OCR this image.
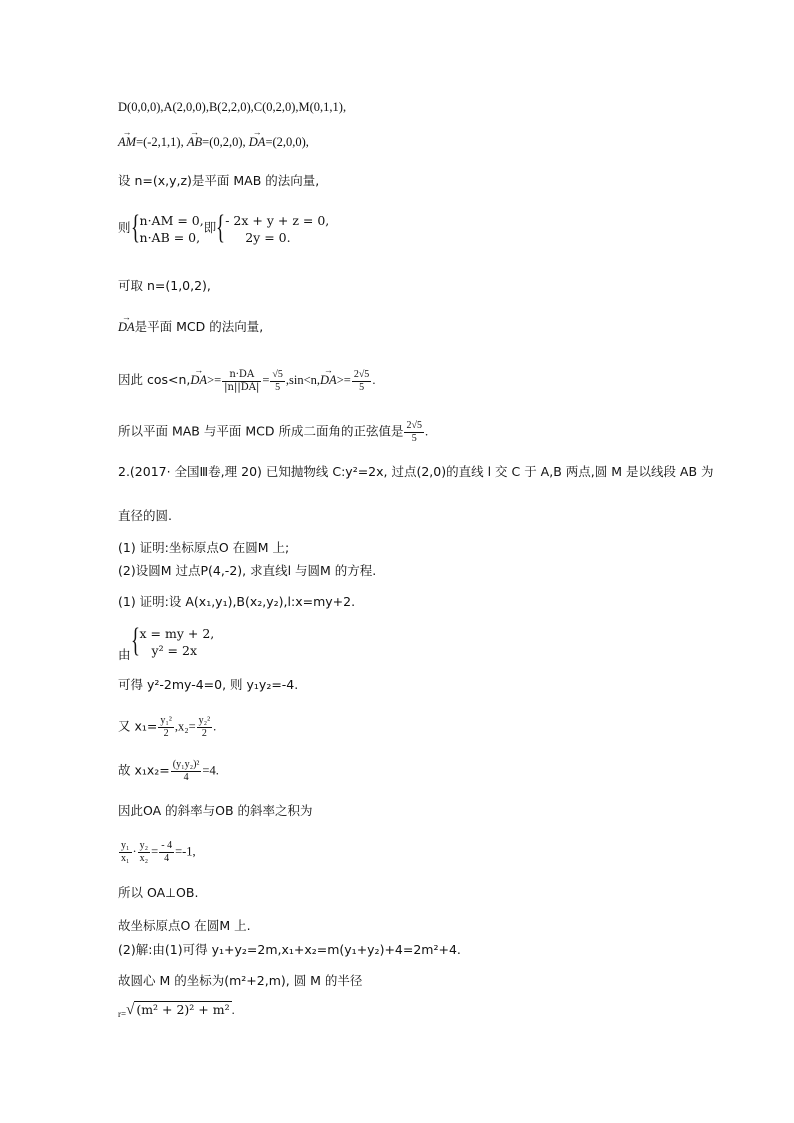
D(0,0,0),A(2,0,0),B(2,2,0),C(0,2,0),M(0,1,1),
→ AM=(-2,1,1), → AB=(0,2,0), → DA=(2,0,0),
设 n=(x,y,z)是平面 MAB 的法向量,
则 { n·AM = 0,
n·AB = 0,
即 { - 2x + y + z = 0,
2y = 0.
可取 n=(1,0,2),
→ DA是平面 MCD 的法向量,
因此 $\cos<n,\to DA>= \frac{n\cdot DA}{|n||DA|} = \frac{√5}{5} ,\sin<n,\to DA>= \frac{2√5}{5}$ .
所以平面 MAB 与平面 MCD 所成二面角的正弦值是 $\frac{2√5}{5}$ .
2.(2017· 全国Ⅲ卷,理 20) 已知抛物线 C:y²=2x, 过点(2,0)的直线 l 交 C 于 A,B 两点,圆 M 是以线段 AB 为
直径的圆.
(1) 证明:坐标原点O 在圆M 上;
(2)设圆M 过点P(4,-2), 求直线l 与圆M 的方程.
(1) 证明:设 A(x₁,y₁),B(x₂,y₂),l:x=my+2.
由 { x = my + 2,
y² = 2x
可得 y²-2my-4=0, 则 y₁y₂=-4.
又 $x_1= \frac{\text{y₁²}}{2} ,x_2= \frac{\text{y₂²}}{2}$ .
故 $x_1x_2= \frac{\text{(y₁y₂)²}}{4} =4$.
因此OA 的斜率与OB 的斜率之积为
$\frac{\text{y₁}}{\text{x₁}} \cdot \frac{\text{y₂}}{\text{x₂}} = \frac{- 4}{4} =-1$,
所以 OA⊥OB.
故坐标原点O 在圆M 上.
(2)解:由(1)可得 y₁+y₂=2m,x₁+x₂=m(y₁+y₂)+4=2m²+4.
故圆心 M 的坐标为(m²+2,m), 圆 M 的半径
$_{r=}$√ (m² + 2)² + m² .
